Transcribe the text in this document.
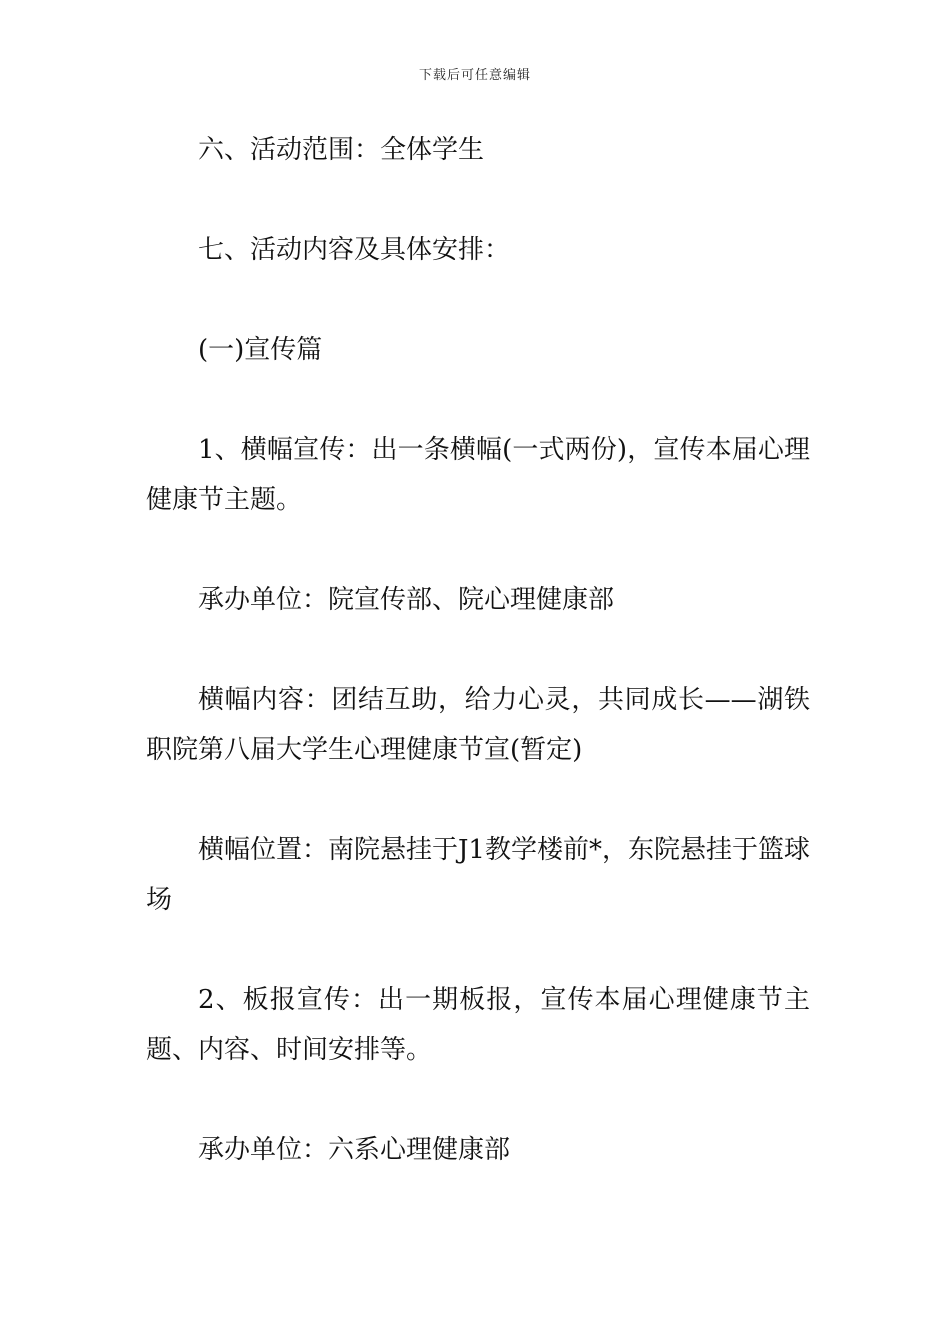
下载后可任意编辑

六、活动范围：全体学生

七、活动内容及具体安排：

(一)宣传篇

1、横幅宣传：出一条横幅(一式两份)，宣传本届心理健康节主题。

承办单位：院宣传部、院心理健康部

横幅内容：团结互助，给力心灵，共同成长——湖铁职院第八届大学生心理健康节宣(暂定)

横幅位置：南院悬挂于J1教学楼前*，东院悬挂于篮球场

2、板报宣传：出一期板报，宣传本届心理健康节主题、内容、时间安排等。

承办单位：六系心理健康部
